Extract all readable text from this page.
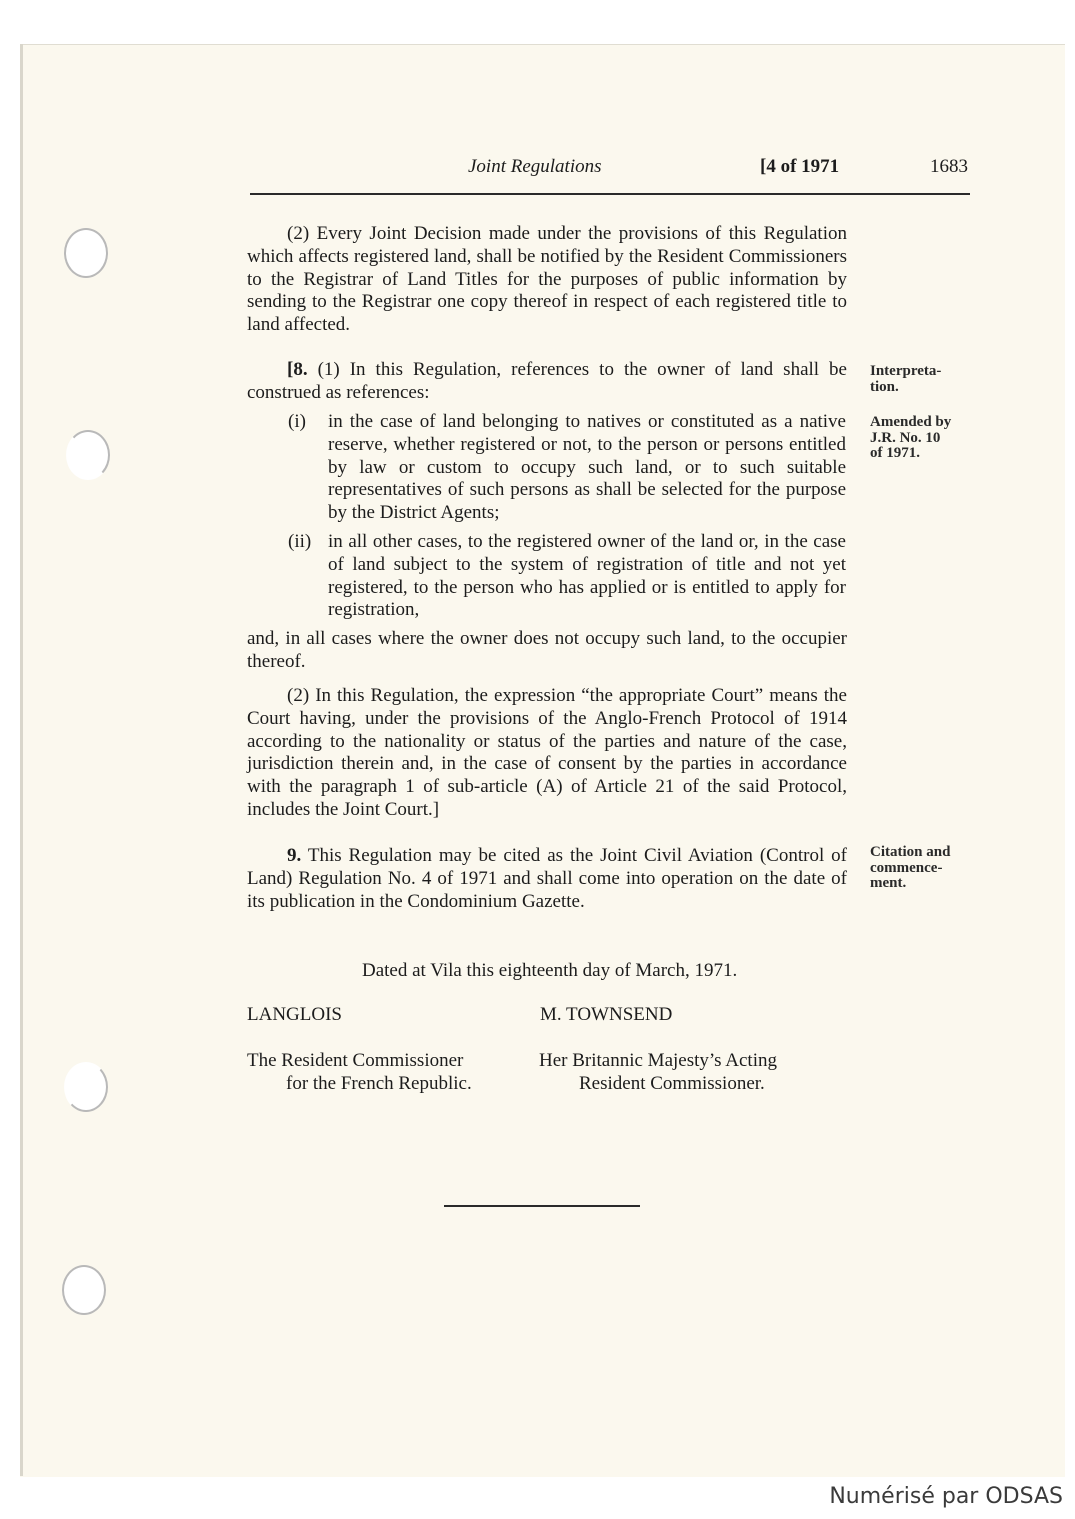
Joint Regulations	[4 of 1971	1683
(2) Every Joint Decision made under the provisions of this Regulation which affects registered land, shall be notified by the Resident Commissioners to the Registrar of Land Titles for the purposes of public information by sending to the Registrar one copy thereof in respect of each registered title to land affected.
[8. (1) In this Regulation, references to the owner of land shall be construed as references:
(i) in the case of land belonging to natives or constituted as a native reserve, whether registered or not, to the person or persons entitled by law or custom to occupy such land, or to such suitable representatives of such persons as shall be selected for the purpose by the District Agents;
(ii) in all other cases, to the registered owner of the land or, in the case of land subject to the system of registration of title and not yet registered, to the person who has applied or is entitled to apply for registration,
and, in all cases where the owner does not occupy such land, to the occupier thereof.
(2) In this Regulation, the expression “the appropriate Court” means the Court having, under the provisions of the Anglo-French Protocol of 1914 according to the nationality or status of the parties and nature of the case, jurisdiction therein and, in the case of consent by the parties in accordance with the paragraph 1 of sub-article (A) of Article 21 of the said Protocol, includes the Joint Court.]
9. This Regulation may be cited as the Joint Civil Aviation (Control of Land) Regulation No. 4 of 1971 and shall come into operation on the date of its publication in the Condominium Gazette.
Interpreta-
tion.
Amended by
J.R. No. 10
of 1971.
Citation and
commence-
ment.
Dated at Vila this eighteenth day of March, 1971.
LANGLOIS	M. TOWNSEND
The Resident Commissioner
for the French Republic.
Her Britannic Majesty’s Acting
Resident Commissioner.
Numérisé par ODSAS
